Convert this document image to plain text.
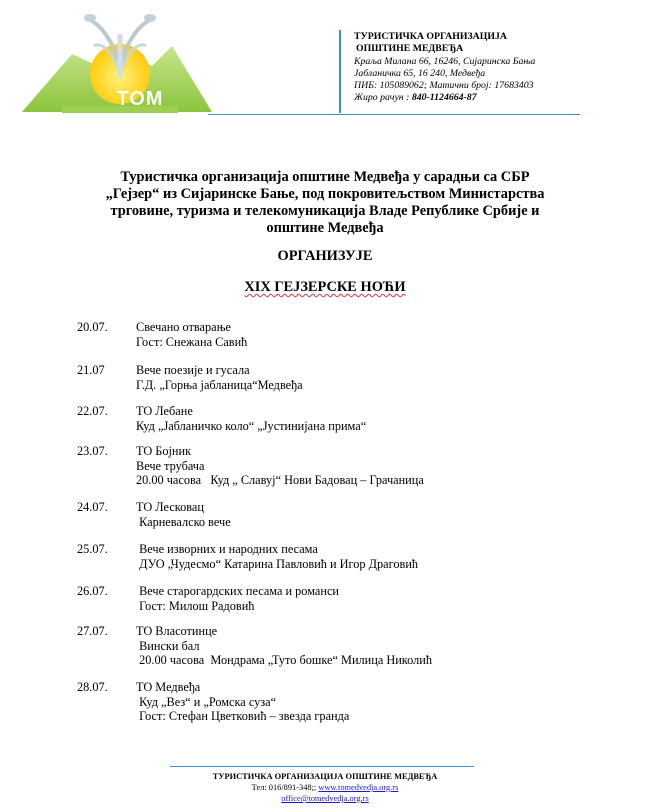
ТОМ
ТУРИСТИЧКА ОРГАНИЗАЦИЈА
ОПШТИНЕ МЕДВЕЂА
Краља Милана 66, 16246, Сијаринска Бања
Јабланичка 65, 16 240, Медвеђа
ПИБ: 105089062; Матични број: 17683403
Жиро рачун : 840-1124664-87
Туристичка организација општине Медвеђа у сарадњи са СБР
„Гејзер“ из Сијаринске Бање, под покровитељством Министарства
трговине, туризма и телекомуникација Владе Републике Србије и
општине Медвеђа
ОРГАНИЗУЈЕ
XIX ГЕЈЗЕРСКЕ НОЋИ
20.07. Свечано отварање
Гост: Снежана Савић
21.07	Вече поезије и гусала
Г.Д. „Горња јабланица“Медвеђа
22.07. ТО Лебане
Куд „Јабланичко коло“ „Јустинијана прима“
23.07. ТО Бојник
Вече трубача
20.00 часова   Куд „ Славуј“ Нови Бадовац – Грачаница
24.07. ТО Лесковац
Карневалско вече
25.07. Вече изворних и народних песама
ДУО „Чудесмо“ Катарина Павловић и Игор Драговић
26.07. Вече старогардских песама и романси
Гост: Милош Радовић
27.07. ТО Власотинце
Вински бал
20.00 часова  Мондрама „Туто бошке“ Милица Николић
28.07. ТО Медвеђа
Куд „Вез“ и „Ромска суза“
Гост: Стефан Цветковић – звезда гранда
ТУРИСТИЧКА ОРГАНИЗАЦИЈА ОПШТИНЕ МЕДВЕЂА
Тел: 016/891-348;; www.tomedvedja.org.rs
office@tomedvedja.org.rs
